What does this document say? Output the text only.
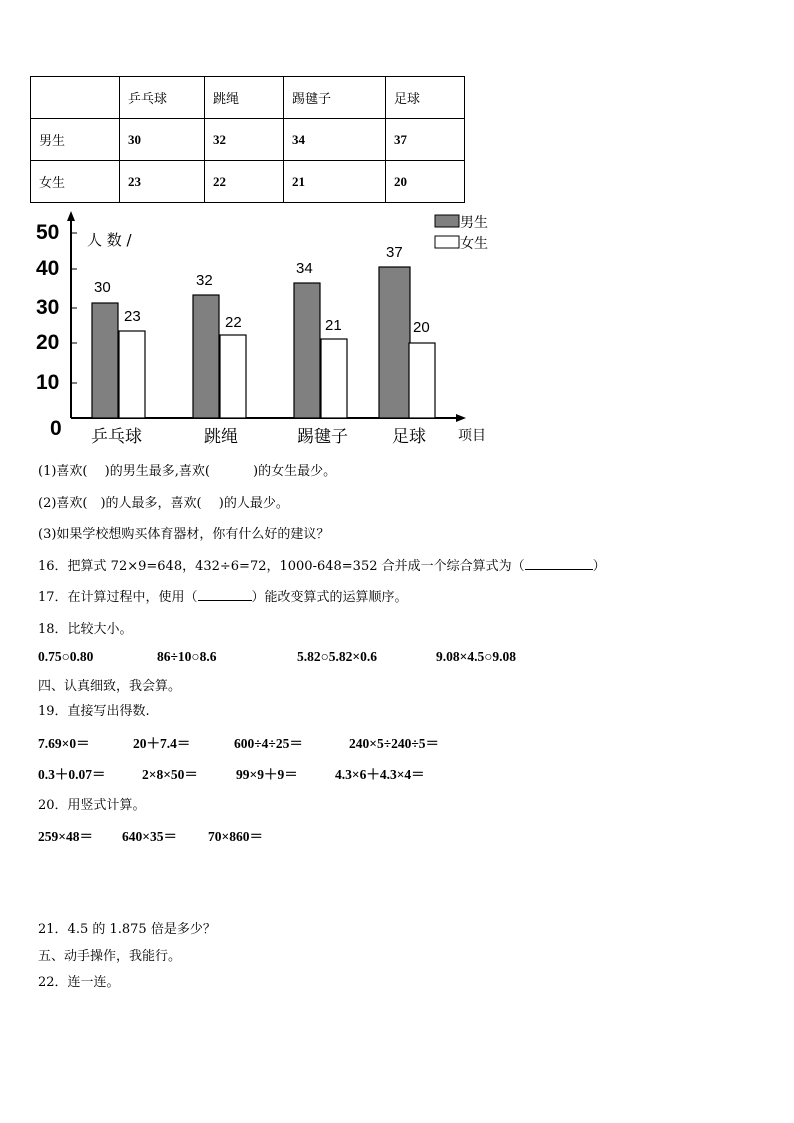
	乒乓球	跳绳	踢毽子	足球
男生	30	32	34	37
女生	23	22	21	20
50
40
30
20
10
0
人 数 /
30	32
34
37
23	22	21	20
乒乓球	跳绳	踢毽子	足球 项目
男生
女生
(1)喜欢(　 )的男生最多,喜欢(　　　 )的女生最少。
(2)喜欢(　)的人最多，喜欢(　 )的人最少。
(3)如果学校想购买体育器材，你有什么好的建议？
16．把算式 72×9=648，432÷6=72，1000-648=352 合并成一个综合算式为（	）
17．在计算过程中，使用（	）能改变算式的运算顺序。
18．比较大小。
0.75○0.80	86÷10○8.6	5.82○5.82×0.6	9.08×4.5○9.08
四、认真细致，我会算。
19．直接写出得数.
7.69×0＝	20＋7.4＝	600÷4÷25＝	240×5÷240÷5＝
0.3＋0.07＝	2×8×50＝	99×9＋9＝	4.3×6＋4.3×4＝
20．用竖式计算。
259×48＝ 640×35＝ 70×860＝
21．4.5 的 1.875 倍是多少？
五、动手操作，我能行。
22．连一连。
